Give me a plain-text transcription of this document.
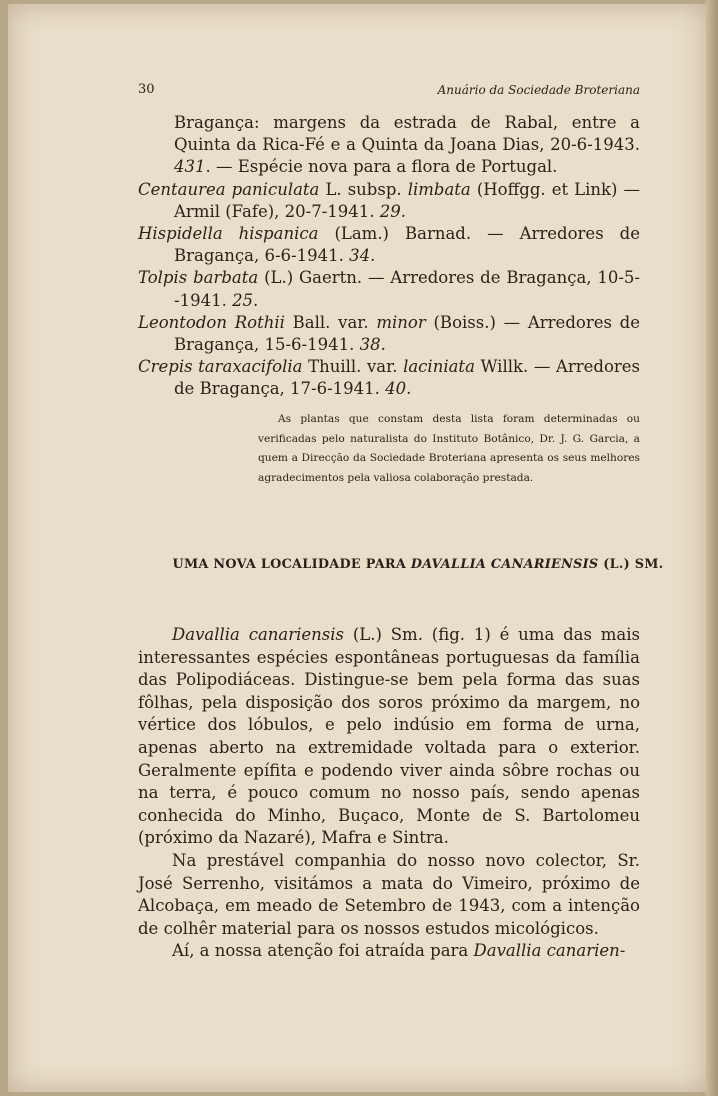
30	Anuário da Sociedade Broteriana

Bragança: margens da estrada de Rabal, entre a Quinta da Rica-Fé e a Quinta da Joana Dias, 20-6-1943. 431. — Espécie nova para a flora de Portugal.

Centaurea paniculata L. subsp. limbata (Hoffgg. et Link) — Armil (Fafe), 20-7-1941. 29.

Hispidella hispanica (Lam.) Barnad. — Arredores de Bragança, 6-6-1941. 34.

Tolpis barbata (L.) Gaertn. — Arredores de Bragança, 10-5--1941. 25.

Leontodon Rothii Ball. var. minor (Boiss.) — Arredores de Bragança, 15-6-1941. 38.

Crepis taraxacifolia Thuill. var. laciniata Willk. — Arredores de Bragança, 17-6-1941. 40.

As plantas que constam desta lista foram determinadas ou verificadas pelo naturalista do Instituto Botânico, Dr. J. G. Garcia, a quem a Direcção da Sociedade Broteriana apresenta os seus melhores agradecimentos pela valiosa colaboração prestada.

UMA NOVA LOCALIDADE PARA DAVALLIA CANARIENSIS (L.) SM.

Davallia canariensis (L.) Sm. (fig. 1) é uma das mais interessantes espécies espontâneas portuguesas da família das Polipodiáceas. Distingue-se bem pela forma das suas fôlhas, pela disposição dos soros próximo da margem, no vértice dos lóbulos, e pelo indúsio em forma de urna, apenas aberto na extremidade voltada para o exterior. Geralmente epífita e podendo viver ainda sôbre rochas ou na terra, é pouco comum no nosso país, sendo apenas conhecida do Minho, Buçaco, Monte de S. Bartolomeu (próximo da Nazaré), Mafra e Sintra.

Na prestável companhia do nosso novo colector, Sr. José Serrenho, visitámos a mata do Vimeiro, próximo de Alcobaça, em meado de Setembro de 1943, com a intenção de colhêr material para os nossos estudos micológicos.

Aí, a nossa atenção foi atraída para Davallia canarien-
